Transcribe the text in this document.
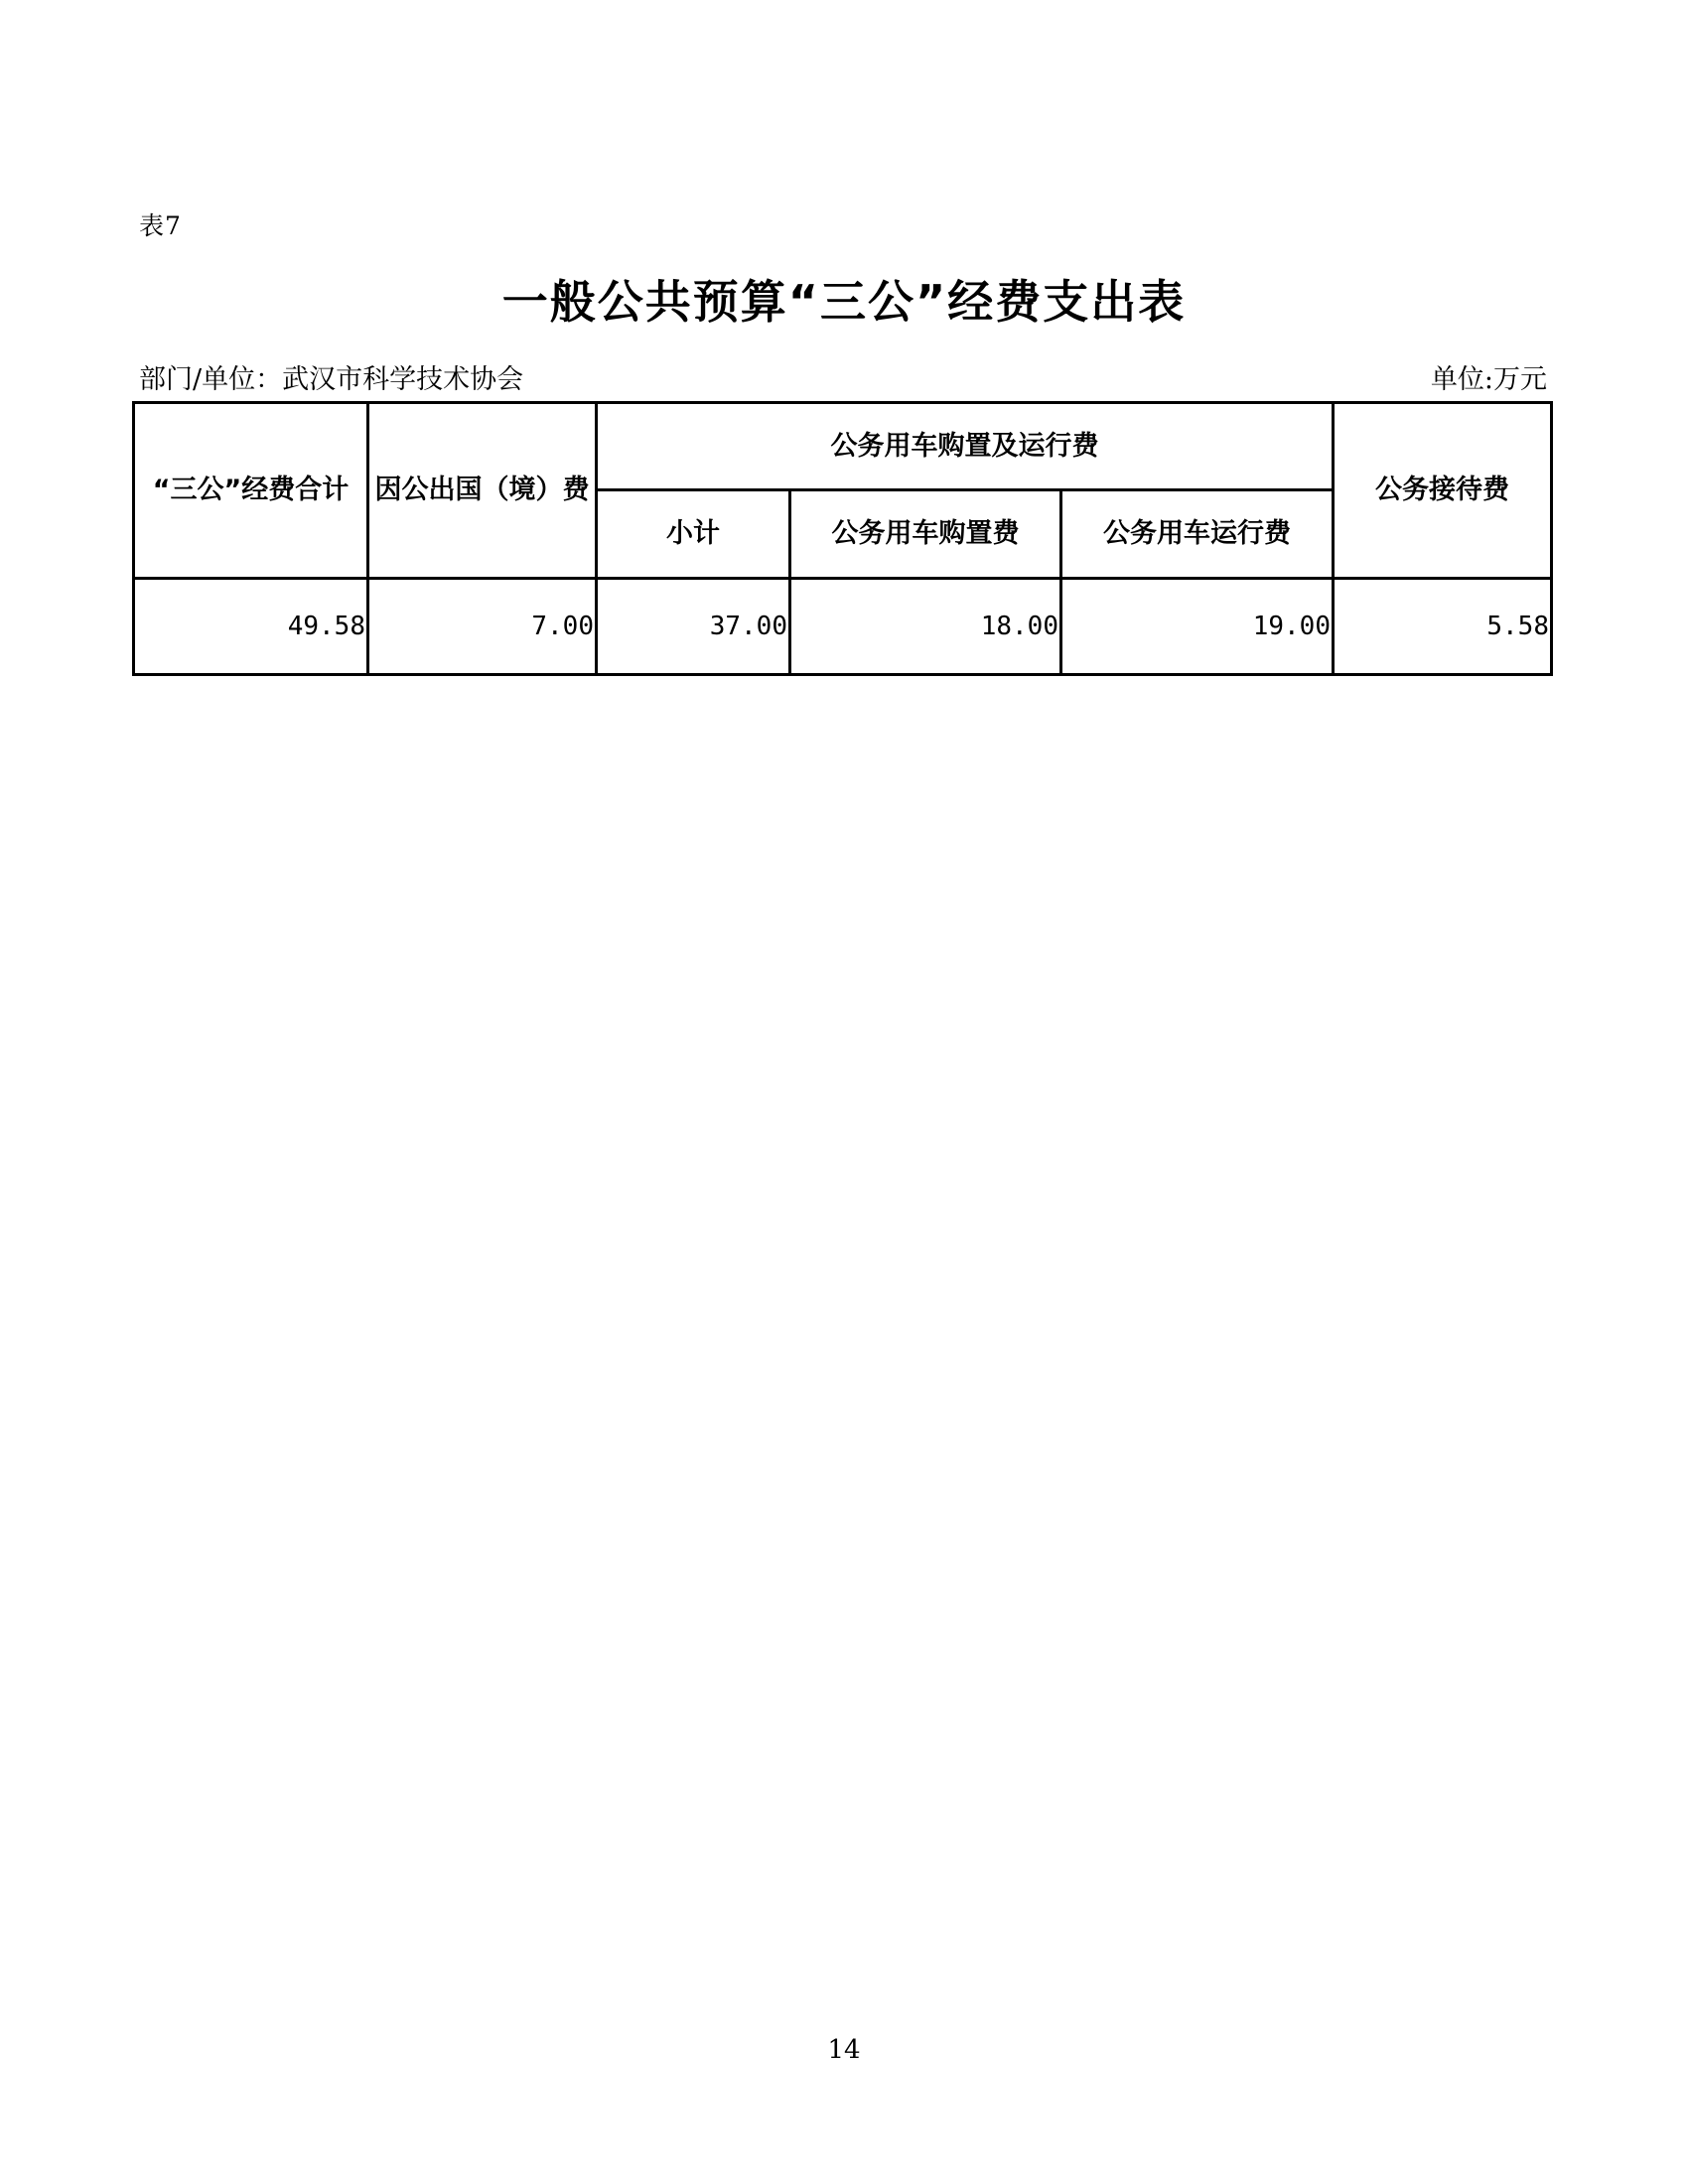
表7
一般公共预算“三公”经费支出表
部门/单位：武汉市科学技术协会	单位:万元
“三公”经费合计	因公出国（境）费	公务用车购置及运行费			公务接待费
		小计	公务用车购置费	公务用车运行费	
49.58	7.00	37.00	18.00	19.00	5.58
14
